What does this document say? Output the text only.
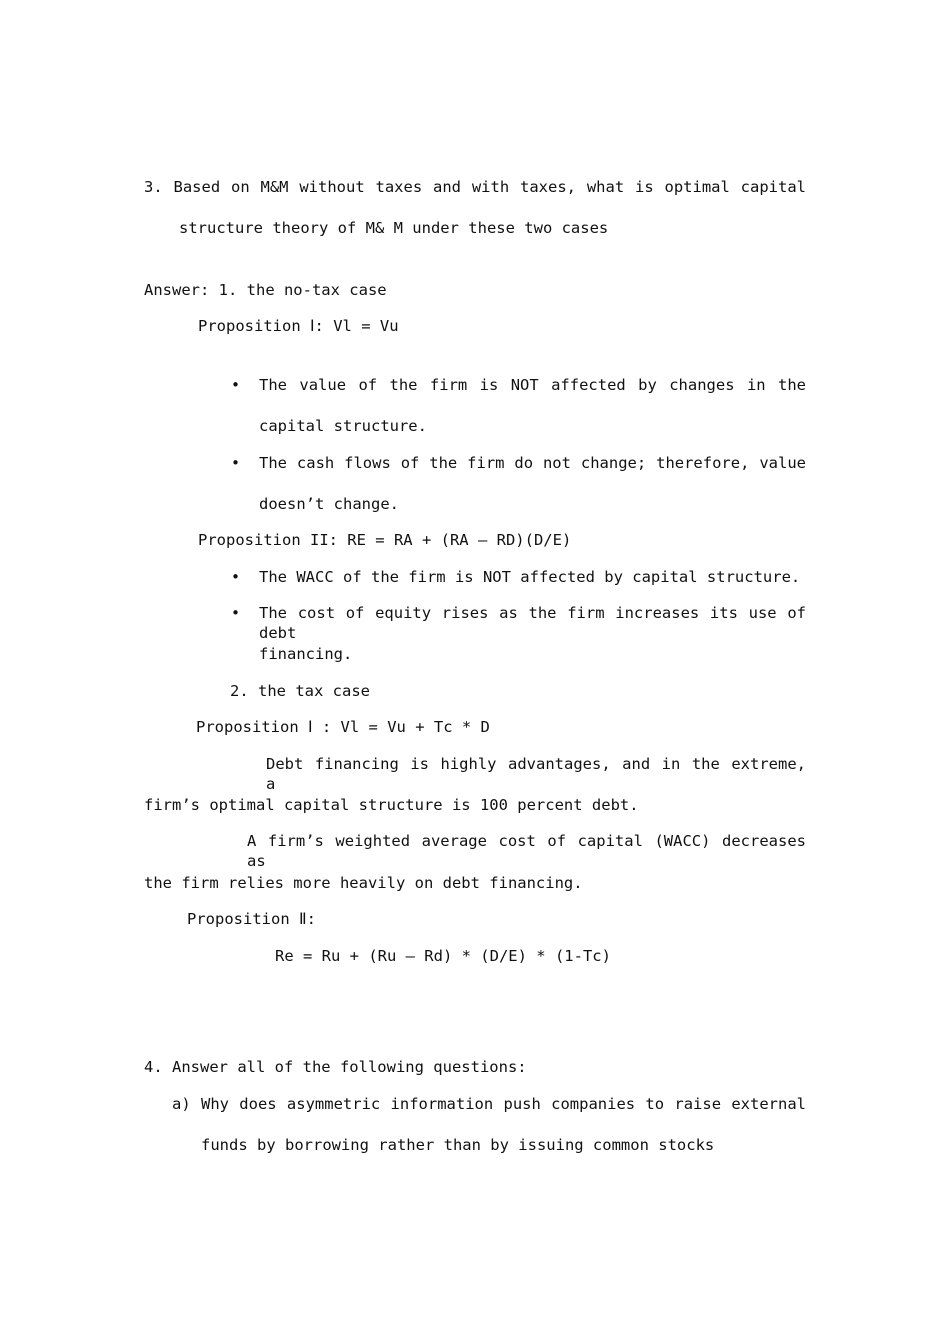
3. Based on M&M without taxes and with taxes, what is optimal capital
structure theory of M& M under these two cases
Answer: 1. the no-tax case
Proposition Ⅰ: Vl = Vu
• The value of the firm is NOT affected by changes in the
capital structure.
• The cash flows of the firm do not change; therefore, value
doesn’t change.
Proposition II: RE = RA + (RA – RD)(D/E)
• The WACC of the firm is NOT affected by capital structure.
• The cost of equity rises as the firm increases its use of debt
financing.
2. the tax case
Proposition Ⅰ : Vl = Vu + Tc * D
Debt financing is highly advantages, and in the extreme, a
firm’s optimal capital structure is 100 percent debt.
A firm’s weighted average cost of capital (WACC) decreases as
the firm relies more heavily on debt financing.
Proposition Ⅱ:
Re = Ru + (Ru – Rd) * (D/E) * (1-Tc)
4. Answer all of the following questions:
a) Why does asymmetric information push companies to raise external
funds by borrowing rather than by issuing common stocks
